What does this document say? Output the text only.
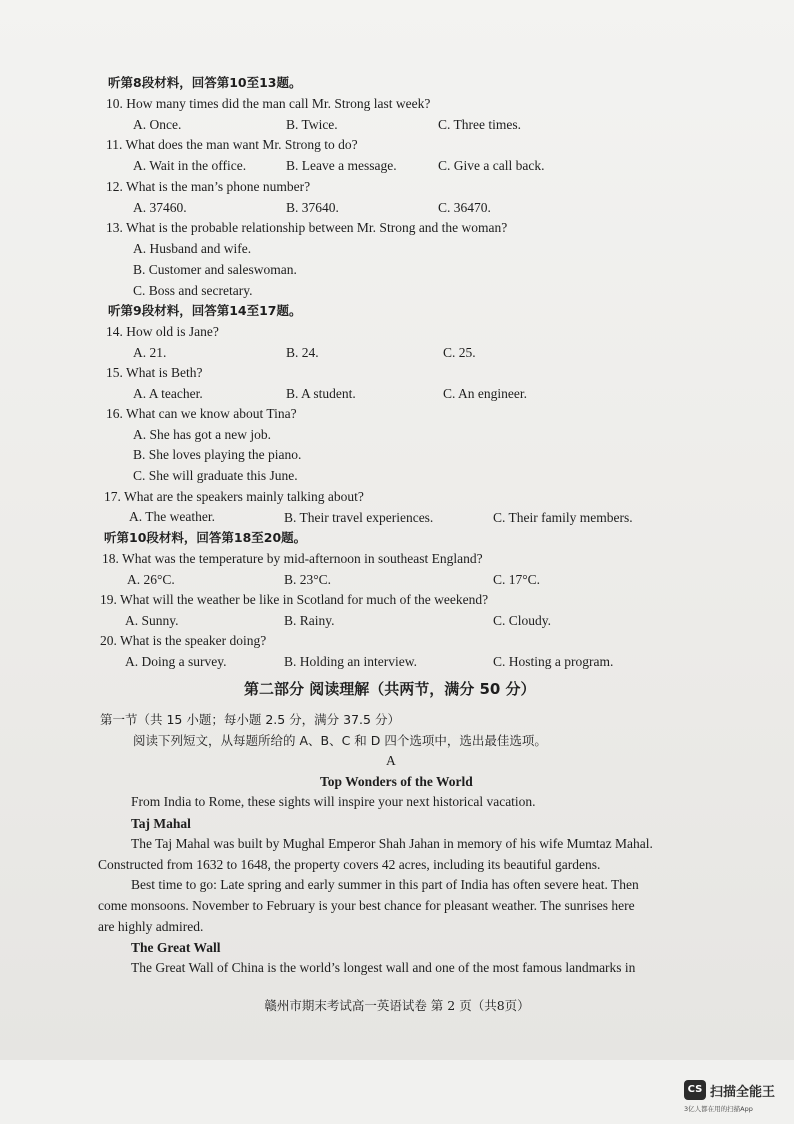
听第8段材料，回答第10至13题。
10. How many times did the man call Mr. Strong last week?
A. Once.	B. Twice.	C. Three times.
11. What does the man want Mr. Strong to do?
A. Wait in the office.	B. Leave a message.	C. Give a call back.
12. What is the man’s phone number?
A. 37460.	B. 37640.	C. 36470.
13. What is the probable relationship between Mr. Strong and the woman?
A. Husband and wife.
B. Customer and saleswoman.
C. Boss and secretary.
听第9段材料，回答第14至17题。
14. How old is Jane?
A. 21.	B. 24.	C. 25.
15. What is Beth?
A. A teacher.	B. A student.	C. An engineer.
16. What can we know about Tina?
A. She has got a new job.
B. She loves playing the piano.
C. She will graduate this June.
17. What are the speakers mainly talking about?
A. The weather.	B. Their travel experiences.	C. Their family members.
听第10段材料，回答第18至20题。
18. What was the temperature by mid-afternoon in southeast England?
A. 26°C.	B. 23°C.	C. 17°C.
19. What will the weather be like in Scotland for much of the weekend?
A. Sunny.	B. Rainy.	C. Cloudy.
20. What is the speaker doing?
A. Doing a survey.	B. Holding an interview.	C. Hosting a program.
第二部分 阅读理解（共两节，满分 50 分）
第一节（共 15 小题；每小题 2.5 分，满分 37.5 分）
阅读下列短文，从每题所给的 A、B、C 和 D 四个选项中，选出最佳选项。
A
Top Wonders of the World
From India to Rome, these sights will inspire your next historical vacation.
Taj Mahal
The Taj Mahal was built by Mughal Emperor Shah Jahan in memory of his wife Mumtaz Mahal.
Constructed from 1632 to 1648, the property covers 42 acres, including its beautiful gardens.
Best time to go: Late spring and early summer in this part of India has often severe heat. Then
come monsoons. November to February is your best chance for pleasant weather. The sunrises here
are highly admired.
The Great Wall
The Great Wall of China is the world’s longest wall and one of the most famous landmarks in
赣州市期末考试高一英语试卷 第 2 页（共8页）
CS 扫描全能王
3亿人都在用的扫描App
